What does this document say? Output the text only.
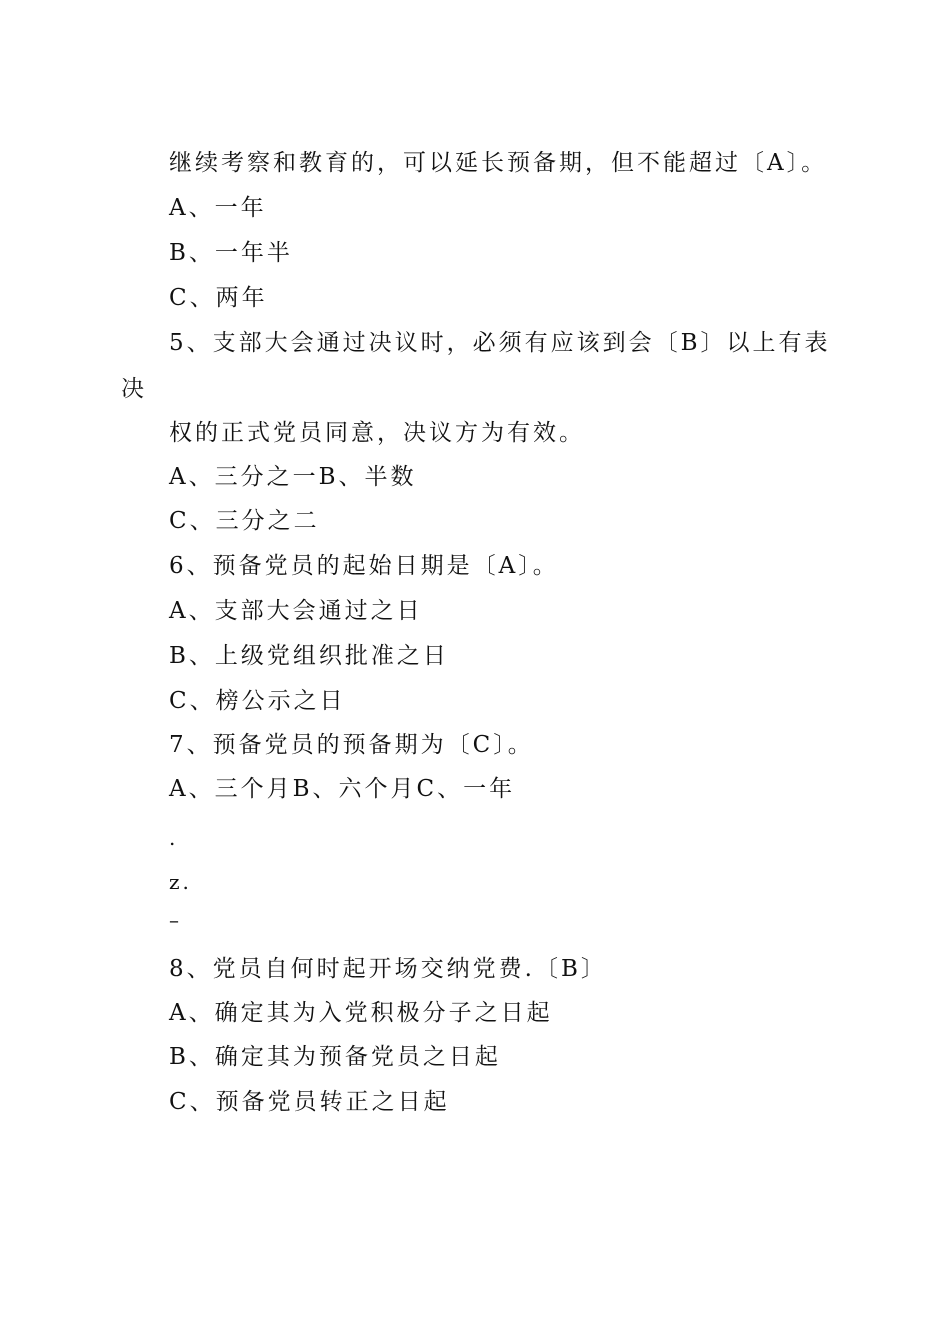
继续考察和教育的，可以延长预备期，但不能超过〔A〕。
A、一年
B、一年半
C、两年
5、支部大会通过决议时，必须有应该到会〔B〕以上有表
决
权的正式党员同意，决议方为有效。
A、三分之一B、半数
C、三分之二
6、预备党员的起始日期是〔A〕。
A、支部大会通过之日
B、上级党组织批准之日
C、榜公示之日
7、预备党员的预备期为〔C〕。
A、三个月B、六个月C、一年
.
z.
–
8、党员自何时起开场交纳党费.〔B〕
A、确定其为入党积极分子之日起
B、确定其为预备党员之日起
C、预备党员转正之日起
